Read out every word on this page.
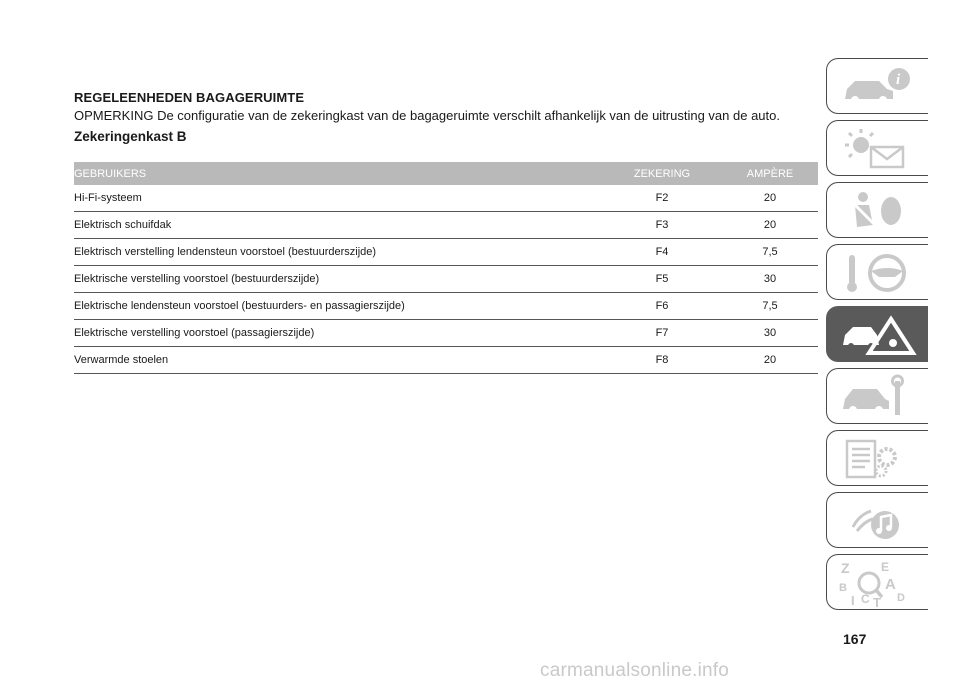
REGELEENHEDEN BAGAGERUIMTE

OPMERKING De configuratie van de zekeringkast van de bagageruimte verschilt afhankelijk van de uitrusting van de auto.

Zekeringenkast B

GEBRUIKERS	ZEKERING	AMPÈRE
Hi-Fi-systeem	F2	20
Elektrisch schuifdak	F3	20
Elektrisch verstelling lendensteun voorstoel (bestuurderszijde)	F4	7,5
Elektrische verstelling voorstoel (bestuurderszijde)	F5	30
Elektrische lendensteun voorstoel (bestuurders- en passagierszijde)	F6	7,5
Elektrische verstelling voorstoel (passagierszijde)	F7	30
Verwarmde stoelen	F8	20
i
Z	E
B	A
D
I C T
167
carmanualsonline.info
